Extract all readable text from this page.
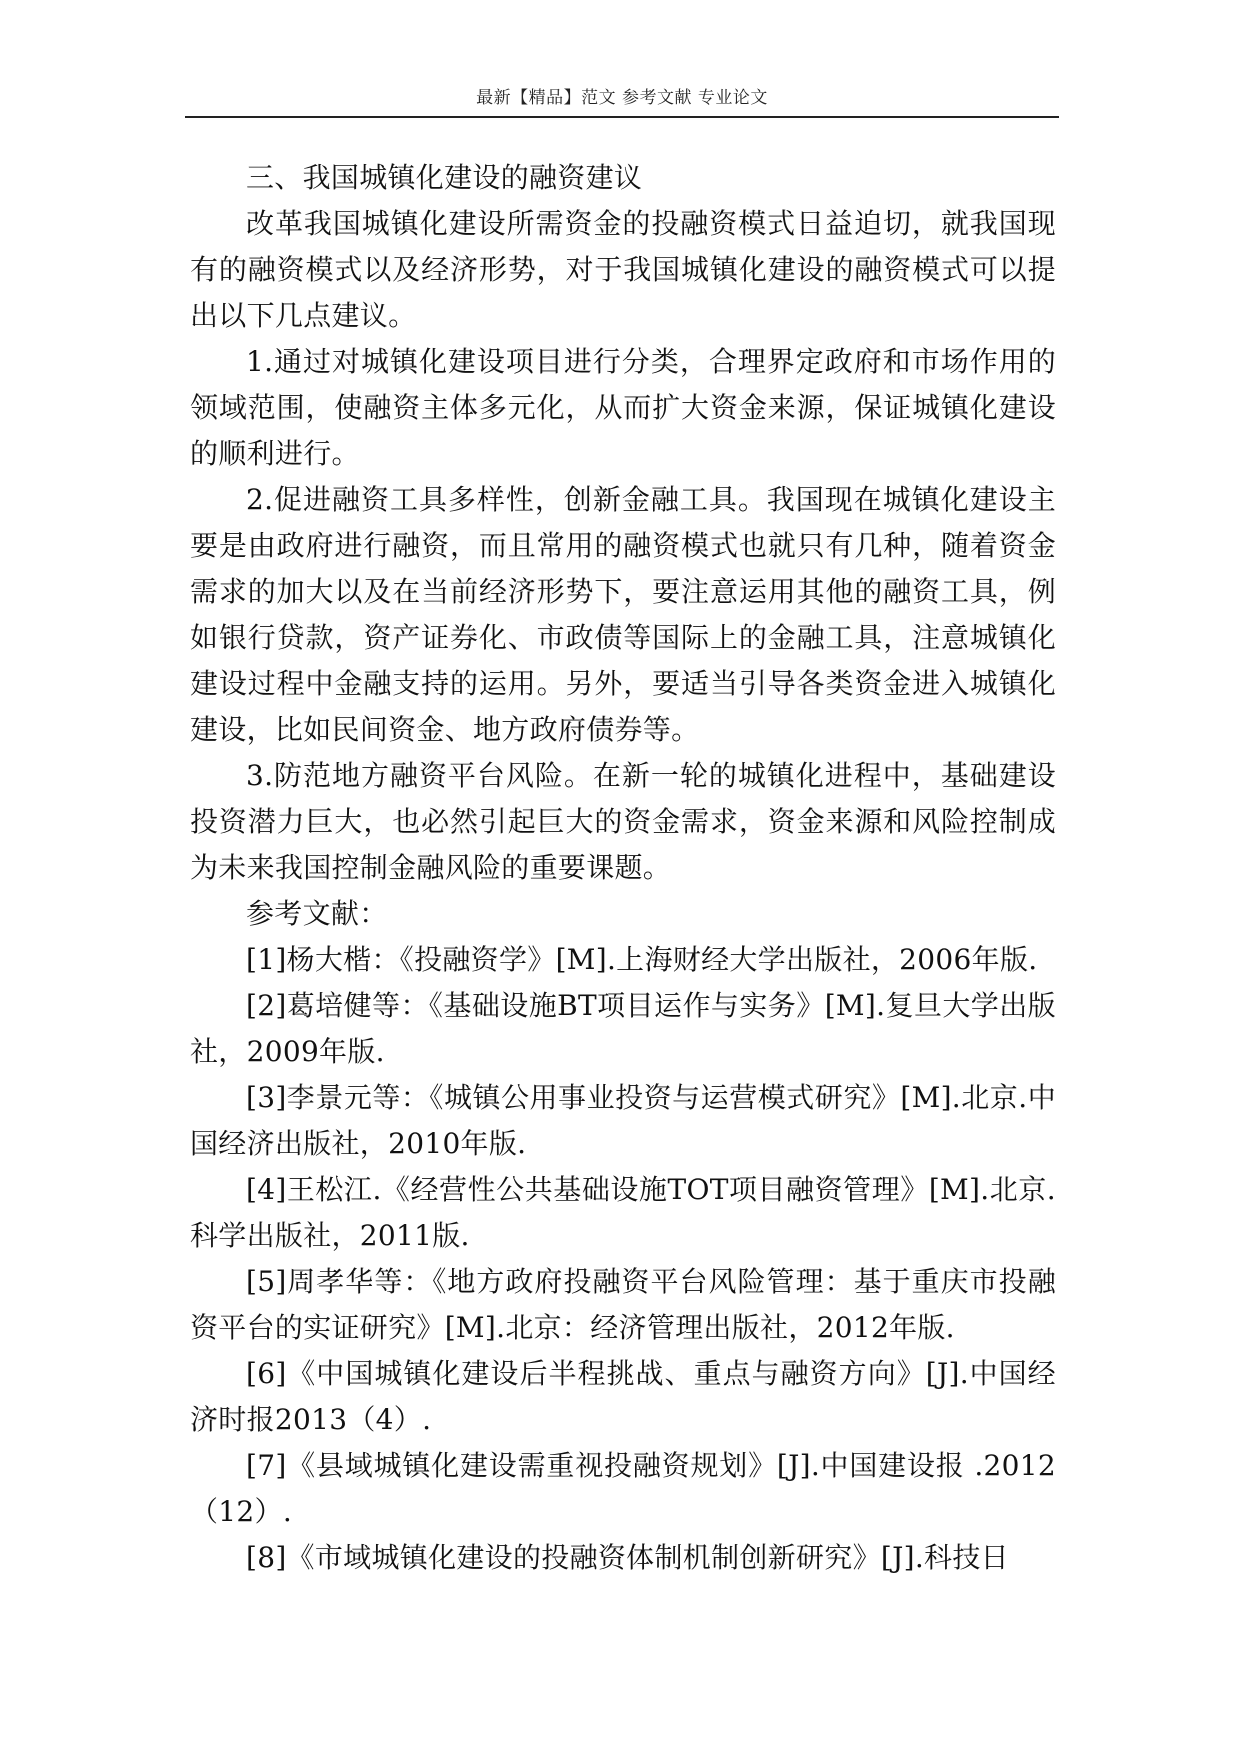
最新【精品】范文 参考文献 专业论文

三、我国城镇化建设的融资建议

改革我国城镇化建设所需资金的投融资模式日益迫切，就我国现有的融资模式以及经济形势，对于我国城镇化建设的融资模式可以提出以下几点建议。

1.通过对城镇化建设项目进行分类，合理界定政府和市场作用的领域范围，使融资主体多元化，从而扩大资金来源，保证城镇化建设的顺利进行。

2.促进融资工具多样性，创新金融工具。我国现在城镇化建设主要是由政府进行融资，而且常用的融资模式也就只有几种，随着资金需求的加大以及在当前经济形势下，要注意运用其他的融资工具，例如银行贷款，资产证券化、市政债等国际上的金融工具，注意城镇化建设过程中金融支持的运用。另外，要适当引导各类资金进入城镇化建设，比如民间资金、地方政府债券等。

3.防范地方融资平台风险。在新一轮的城镇化进程中，基础建设投资潜力巨大，也必然引起巨大的资金需求，资金来源和风险控制成为未来我国控制金融风险的重要课题。

参考文献：

[1]杨大楷：《投融资学》[M].上海财经大学出版社，2006年版.

[2]葛培健等：《基础设施BT项目运作与实务》[M].复旦大学出版社，2009年版.

[3]李景元等：《城镇公用事业投资与运营模式研究》[M].北京.中国经济出版社，2010年版.

[4]王松江.《经营性公共基础设施TOT项目融资管理》[M].北京.科学出版社，2011版.

[5]周孝华等：《地方政府投融资平台风险管理：基于重庆市投融资平台的实证研究》[M].北京：经济管理出版社，2012年版.

[6]《中国城镇化建设后半程挑战、重点与融资方向》[J].中国经济时报2013（4）.

[7]《县域城镇化建设需重视投融资规划》[J].中国建设报 .2012（12）.

[8]《市域城镇化建设的投融资体制机制创新研究》[J].科技日
